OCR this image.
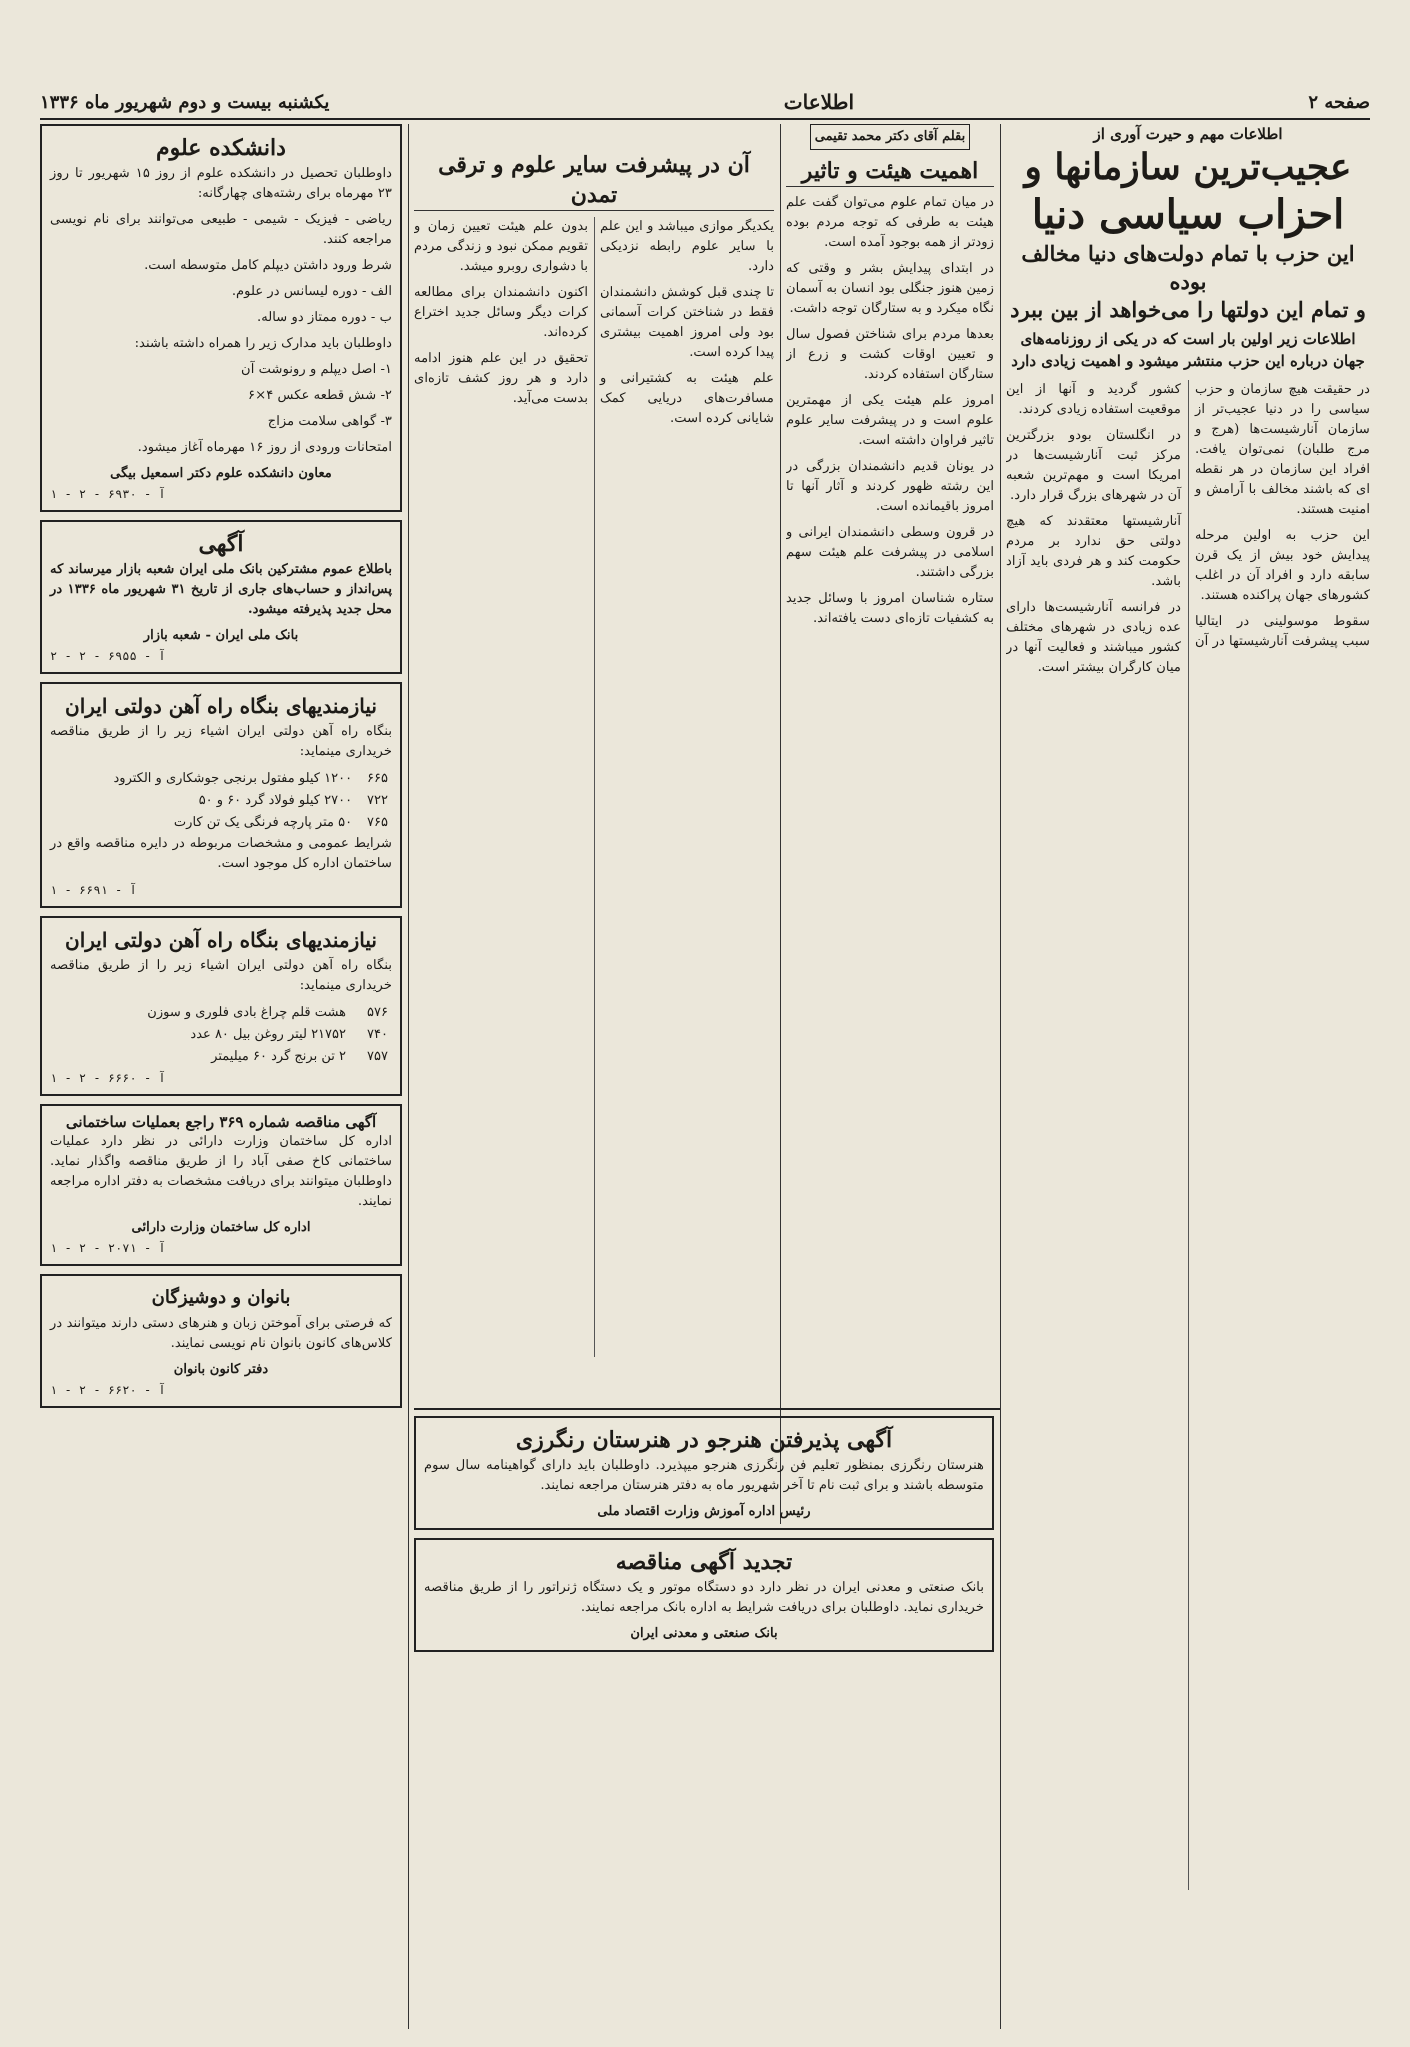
صفحه ۲
اطلاعات
یکشنبه بیست و دوم شهریور ماه ۱۳۳۶
اطلاعات مهم و حیرت آوری از
عجیب‌ترین سازمانها و
احزاب سیاسی دنیا
این حزب با تمام دولت‌های دنیا مخالف بوده
و تمام این دولتها را می‌خواهد از بین ببرد
اطلاعات زیر اولین بار است که در یکی از روزنامه‌های جهان درباره این حزب منتشر میشود و اهمیت زیادی دارد

در حقیقت هیچ سازمان و حزب سیاسی را در دنیا عجیب‌تر از سازمان آنارشیست‌ها (هرج و مرج طلبان) نمی‌توان یافت. افراد این سازمان در هر نقطه ای که باشند مخالف با آرامش و امنیت هستند.

این حزب به اولین مرحله پیدایش خود بیش از یک قرن سابقه دارد و افراد آن در اغلب کشورهای جهان پراکنده هستند.

سقوط موسولینی در ایتالیا سبب پیشرفت آنارشیستها در آن کشور گردید و آنها از این موقعیت استفاده زیادی کردند.

در انگلستان بودو بزرگترین مرکز ثبت آنارشیست‌ها در امریکا است و مهم‌ترین شعبه آن در شهرهای بزرگ قرار دارد.

آنارشیستها معتقدند که هیچ دولتی حق ندارد بر مردم حکومت کند و هر فردی باید آزاد باشد.

در فرانسه آنارشیست‌ها دارای عده زیادی در شهرهای مختلف کشور میباشند و فعالیت آنها در میان کارگران بیشتر است.

بقلم آقای دکتر محمد تقیمی
اهمیت هیئت و تاثیر

در میان تمام علوم می‌توان گفت علم هیئت به طرفی که توجه مردم بوده زودتر از همه بوجود آمده است.

در ابتدای پیدایش بشر و وقتی که زمین هنوز جنگلی بود انسان به آسمان نگاه میکرد و به ستارگان توجه داشت.

بعدها مردم برای شناختن فصول سال و تعیین اوقات کشت و زرع از ستارگان استفاده کردند.

امروز علم هیئت یکی از مهمترین علوم است و در پیشرفت سایر علوم تاثیر فراوان داشته است.

در یونان قدیم دانشمندان بزرگی در این رشته ظهور کردند و آثار آنها تا امروز باقیمانده است.

در قرون وسطی دانشمندان ایرانی و اسلامی در پیشرفت علم هیئت سهم بزرگی داشتند.

ستاره شناسان امروز با وسائل جدید به کشفیات تازه‌ای دست یافته‌اند.

آن در پیشرفت سایر علوم و ترقی تمدن

یکدیگر موازی میباشد و این علم با سایر علوم رابطه نزدیکی دارد.

تا چندی قبل کوشش دانشمندان فقط در شناختن کرات آسمانی بود ولی امروز اهمیت بیشتری پیدا کرده است.

علم هیئت به کشتیرانی و مسافرت‌های دریایی کمک شایانی کرده است.

بدون علم هیئت تعیین زمان و تقویم ممکن نبود و زندگی مردم با دشواری روبرو میشد.

اکنون دانشمندان برای مطالعه کرات دیگر وسائل جدید اختراع کرده‌اند.

تحقیق در این علم هنوز ادامه دارد و هر روز کشف تازه‌ای بدست می‌آید.

آگهی پذیرفتن هنرجو در هنرستان رنگرزی

هنرستان رنگرزی بمنظور تعلیم فن رنگرزی هنرجو میپذیرد. داوطلبان باید دارای گواهینامه سال سوم متوسطه باشند و برای ثبت نام تا آخر شهریور ماه به دفتر هنرستان مراجعه نمایند.

رئیس اداره آموزش وزارت اقتصاد ملی
تجدید آگهی مناقصه

بانک صنعتی و معدنی ایران در نظر دارد دو دستگاه موتور و یک دستگاه ژنراتور را از طریق مناقصه خریداری نماید. داوطلبان برای دریافت شرایط به اداره بانک مراجعه نمایند.

بانک صنعتی و معدنی ایران
دانشکده علوم

داوطلبان تحصیل در دانشکده علوم از روز ۱۵ شهریور تا روز ۲۳ مهرماه برای رشته‌های چهارگانه:

ریاضی - فیزیک - شیمی - طبیعی می‌توانند برای نام نویسی مراجعه کنند.

شرط ورود داشتن دیپلم کامل متوسطه است.

الف - دوره لیسانس در علوم.

ب - دوره ممتاز دو ساله.

داوطلبان باید مدارک زیر را همراه داشته باشند:

۱- اصل دیپلم و رونوشت آن

۲- شش قطعه عکس ۴×۶

۳- گواهی سلامت مزاج

امتحانات ورودی از روز ۱۶ مهرماه آغاز میشود.

معاون دانشکده علوم دکتر اسمعیل بیگی
آ - ۶۹۳۰ - ۲ - ۱
آگهی

باطلاع عموم مشترکین بانک ملی ایران شعبه بازار میرساند که پس‌انداز و حساب‌های جاری از تاریخ ۳۱ شهریور ماه ۱۳۳۶ در محل جدید پذیرفته میشود.

بانک ملی ایران - شعبه بازار
آ - ۶۹۵۵ - ۲ - ۲
نیازمندیهای بنگاه راه آهن دولتی ایران

بنگاه راه آهن دولتی ایران اشیاء زیر را از طریق مناقصه خریداری مینماید:

۶۶۵	۱۲۰۰ کیلو مفتول برنجی جوشکاری و الکترود
۷۲۲	۲۷۰۰ کیلو فولاد گرد ۶۰ و ۵۰
۷۶۵	۵۰ متر پارچه فرنگی یک تن کارت

شرایط عمومی و مشخصات مربوطه در دایره مناقصه واقع در ساختمان اداره کل موجود است.

آ - ۶۶۹۱ - ۱
نیازمندیهای بنگاه راه آهن دولتی ایران

بنگاه راه آهن دولتی ایران اشیاء زیر را از طریق مناقصه خریداری مینماید:

۵۷۶	هشت قلم چراغ بادی فلوری و سوزن
۷۴۰	۲۱۷۵۲ لیتر روغن بیل ۸۰ عدد
۷۵۷	۲ تن برنج گرد ۶۰ میلیمتر
آ - ۶۶۶۰ - ۲ - ۱
آگهی مناقصه شماره ۳۶۹ راجع بعملیات ساختمانی

اداره کل ساختمان وزارت دارائی در نظر دارد عملیات ساختمانی کاخ صفی آباد را از طریق مناقصه واگذار نماید. داوطلبان میتوانند برای دریافت مشخصات به دفتر اداره مراجعه نمایند.

اداره کل ساختمان وزارت دارائی
آ - ۲۰۷۱ - ۲ - ۱
بانوان و دوشیزگان

که فرصتی برای آموختن زبان و هنرهای دستی دارند میتوانند در کلاس‌های کانون بانوان نام نویسی نمایند.

دفتر کانون بانوان
آ - ۶۶۲۰ - ۲ - ۱
